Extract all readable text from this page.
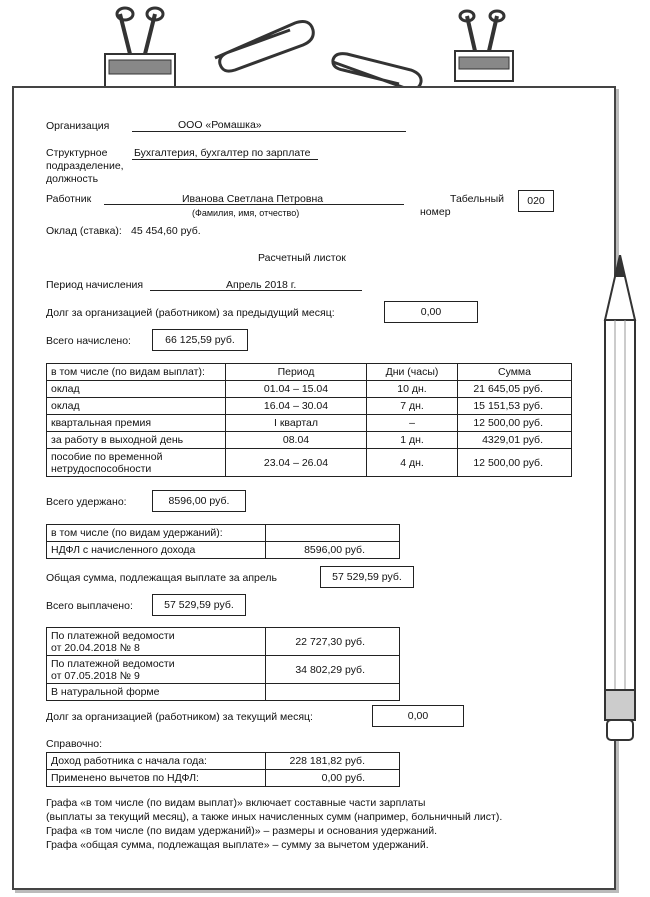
Организация	ООО «Ромашка»
Структурное
подразделение,
должность
Бухгалтерия, бухгалтер по зарплате
Работник	Иванова Светлана Петровна
(Фамилия, имя, отчество)
Табельный
номер
020
Оклад (ставка): 45 454,60 руб.
Расчетный листок
Период начисления	Апрель 2018 г.
Долг за организацией (работником) за предыдущий месяц:	0,00
Всего начислено:	66 125,59 руб.
в том числе (по видам выплат):	Период	Дни (часы)	Сумма
оклад	01.04 – 15.04	10 дн.	21 645,05 руб.
оклад	16.04 – 30.04	7 дн.	15 151,53 руб.
квартальная премия	I квартал	–	12 500,00 руб.
за работу в выходной день	08.04	1 дн.	4329,01 руб.
пособие по временной
нетрудоспособности	23.04 – 26.04	4 дн.	12 500,00 руб.
Всего удержано:	8596,00 руб.
в том числе (по видам удержаний):	
НДФЛ с начисленного дохода	8596,00 руб.
Общая сумма, подлежащая выплате за апрель	57 529,59 руб.
Всего выплачено:	57 529,59 руб.
По платежной ведомости
от 20.04.2018 № 8	22 727,30 руб.
По платежной ведомости
от 07.05.2018 № 9	34 802,29 руб.
В натуральной форме	
Долг за организацией (работником) за текущий месяц:	0,00
Справочно:
Доход работника с начала года:	228 181,82 руб.
Применено вычетов по НДФЛ:	0,00 руб.
Графа «в том числе (по видам выплат)» включает составные части зарплаты
(выплаты за текущий месяц), а также иных начисленных сумм (например, больничный лист).
Графа «в том числе (по видам удержаний)» – размеры и основания удержаний.
Графа «общая сумма, подлежащая выплате» – сумму за вычетом удержаний.
